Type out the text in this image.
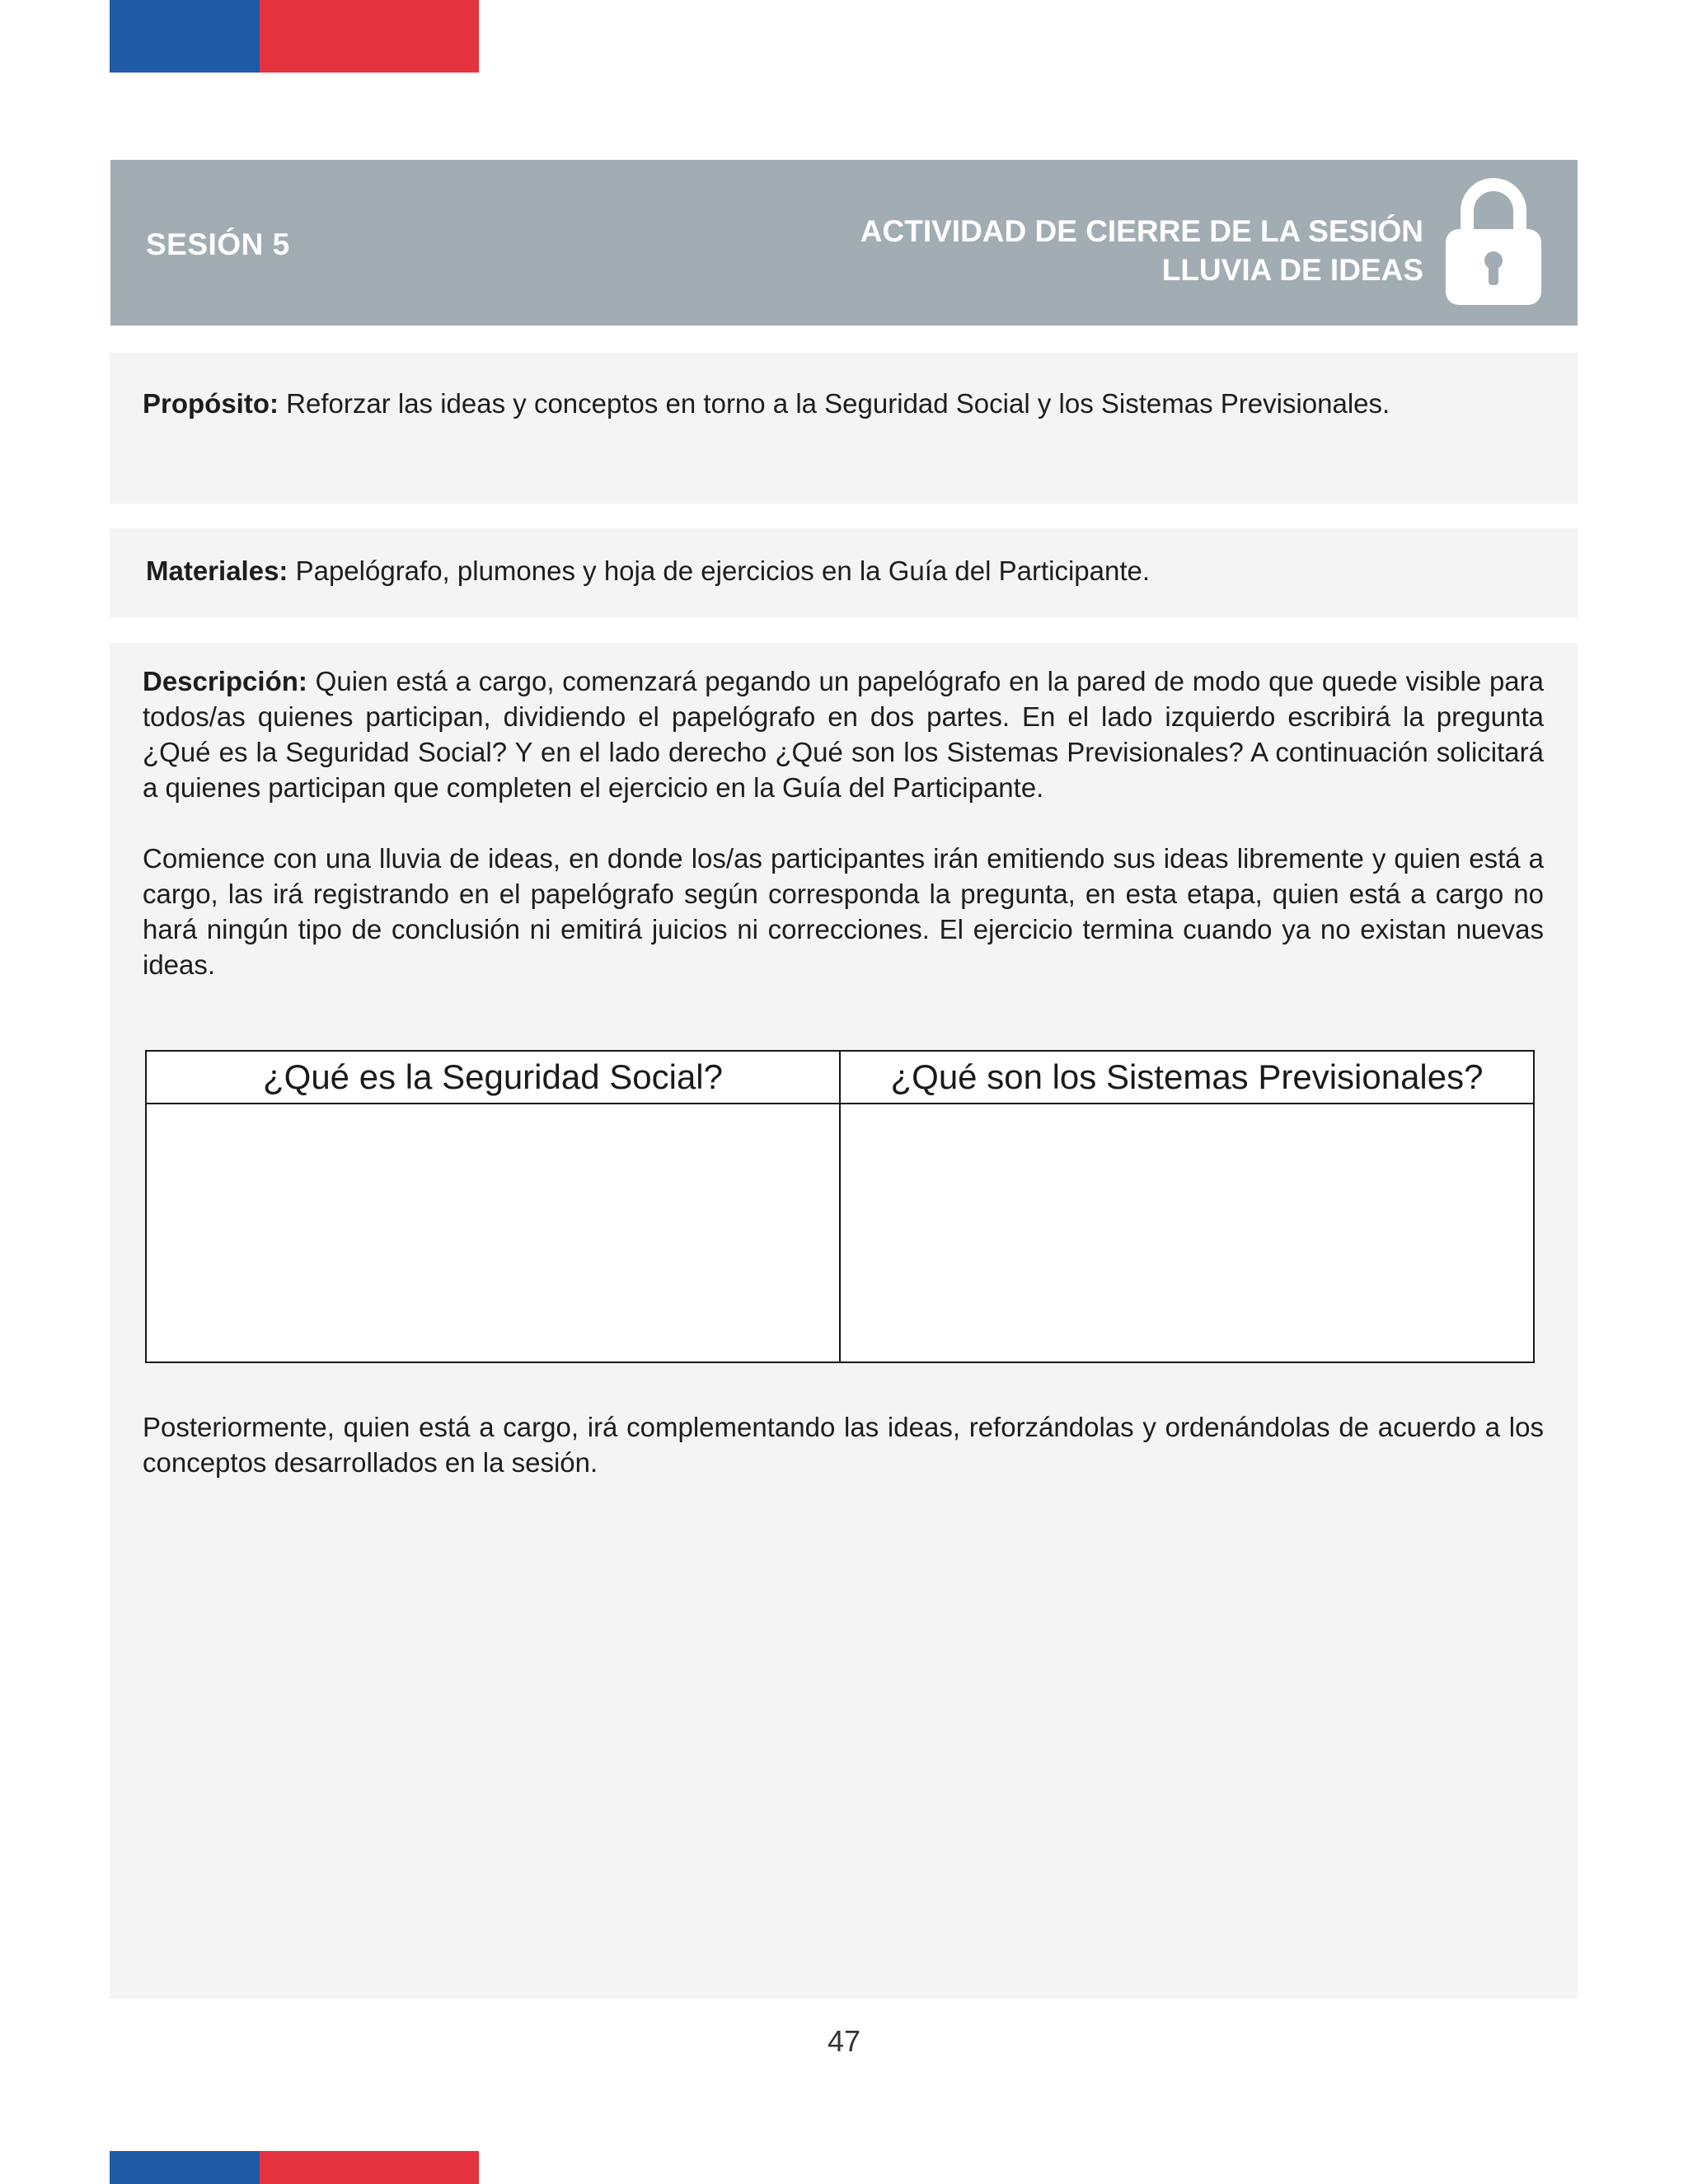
SESIÓN 5	ACTIVIDAD DE CIERRE DE LA SESIÓN
LLUVIA DE IDEAS

Propósito: Reforzar las ideas y conceptos en torno a la Seguridad Social y los Sistemas Previsionales.

Materiales: Papelógrafo, plumones y hoja de ejercicios en la Guía del Participante.

Descripción: Quien está a cargo, comenzará pegando un papelógrafo en la pared de modo que quede visible para todos/as quienes participan, dividiendo el papelógrafo en dos partes. En el lado izquierdo escribirá la pregunta ¿Qué es la Seguridad Social? Y en el lado derecho ¿Qué son los Sistemas Previsionales? A continuación solicitará a quienes participan que completen el ejercicio en la Guía del Participante.

Comience con una lluvia de ideas, en donde los/as participantes irán emitiendo sus ideas libremente y quien está a cargo, las irá registrando en el papelógrafo según corresponda la pregunta, en esta etapa, quien está a cargo no hará ningún tipo de conclusión ni emitirá juicios ni correcciones. El ejercicio termina cuando ya no existan nuevas ideas.

¿Qué es la Seguridad Social?	¿Qué son los Sistemas Previsionales?

Posteriormente, quien está a cargo, irá complementando las ideas, reforzándolas y ordenándolas de acuerdo a los conceptos desarrollados en la sesión.

47
